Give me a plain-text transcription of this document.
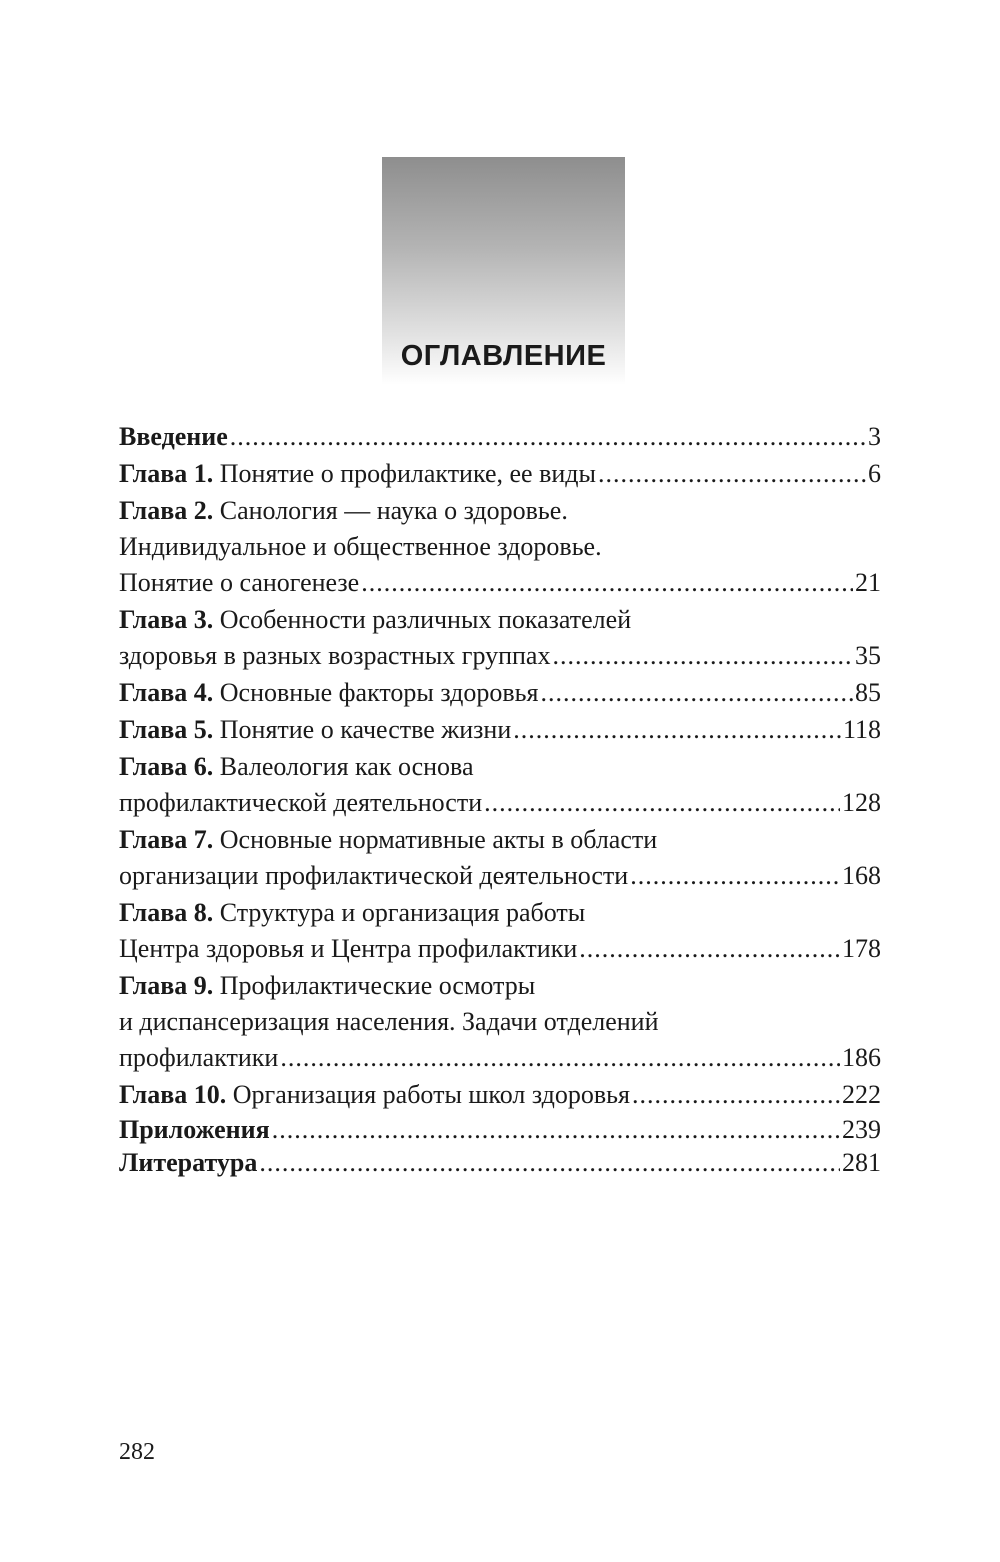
ОГЛАВЛЕНИЕ
Введение .....	3
Глава 1. Понятие о профилактике, ее виды .....	6
Глава 2. Санология — наука о здоровье.
Индивидуальное и общественное здоровье.
Понятие о саногенезе .....	21
Глава 3. Особенности различных показателей
здоровья в разных возрастных группах .....	35
Глава 4. Основные факторы здоровья .....	85
Глава 5. Понятие о качестве жизни .....	118
Глава 6. Валеология как основа
профилактической деятельности .....	128
Глава 7. Основные нормативные акты в области
организации профилактической деятельности .....	168
Глава 8. Структура и организация работы
Центра здоровья и Центра профилактики .....	178
Глава 9. Профилактические осмотры
и диспансеризация населения. Задачи отделений
профилактики .....	186
Глава 10. Организация работы школ здоровья .....	222
Приложения .....	239
Литература .....	281
282
